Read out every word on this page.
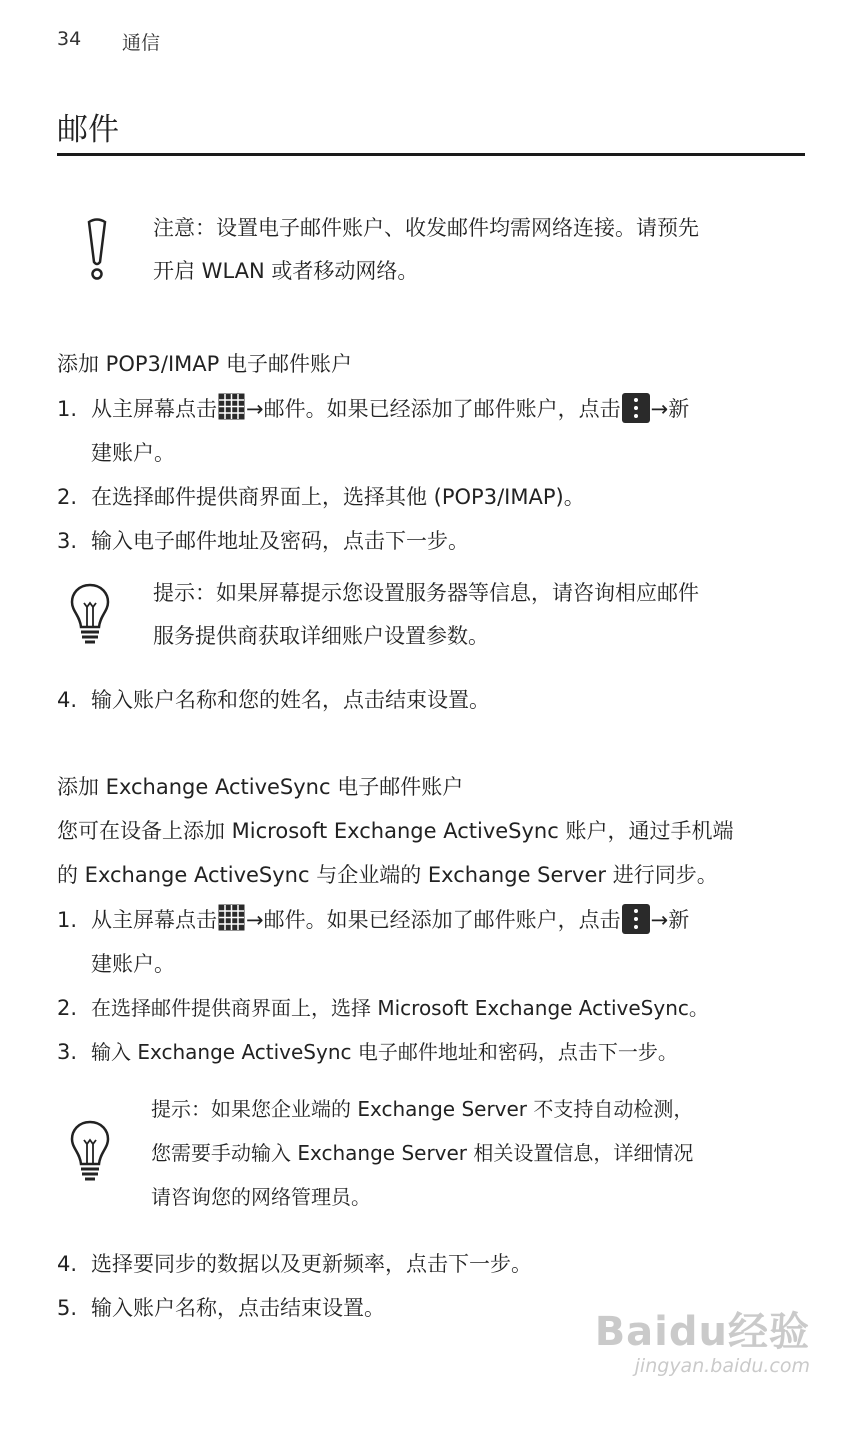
34 通信
邮件
注意：设置电子邮件账户、收发邮件均需网络连接。请预先
开启 WLAN 或者移动网络。
添加 POP3/IMAP 电子邮件账户
1. 从主屏幕点击 →邮件。如果已经添加了邮件账户，点击 →新
建账户。
2. 在选择邮件提供商界面上，选择其他 (POP3/IMAP)。
3. 输入电子邮件地址及密码，点击下一步。
提示：如果屏幕提示您设置服务器等信息，请咨询相应邮件
服务提供商获取详细账户设置参数。
4. 输入账户名称和您的姓名，点击结束设置。
添加 Exchange ActiveSync 电子邮件账户
您可在设备上添加 Microsoft Exchange ActiveSync 账户，通过手机端
的 Exchange ActiveSync 与企业端的 Exchange Server 进行同步。
1. 从主屏幕点击 →邮件。如果已经添加了邮件账户，点击 →新
建账户。
2. 在选择邮件提供商界面上，选择 Microsoft Exchange ActiveSync。
3. 输入 Exchange ActiveSync 电子邮件地址和密码，点击下一步。
提示：如果您企业端的 Exchange Server 不支持自动检测，
您需要手动输入 Exchange Server 相关设置信息，详细情况
请咨询您的网络管理员。
4. 选择要同步的数据以及更新频率，点击下一步。
5. 输入账户名称，点击结束设置。
Baidu经验
jingyan.baidu.com
